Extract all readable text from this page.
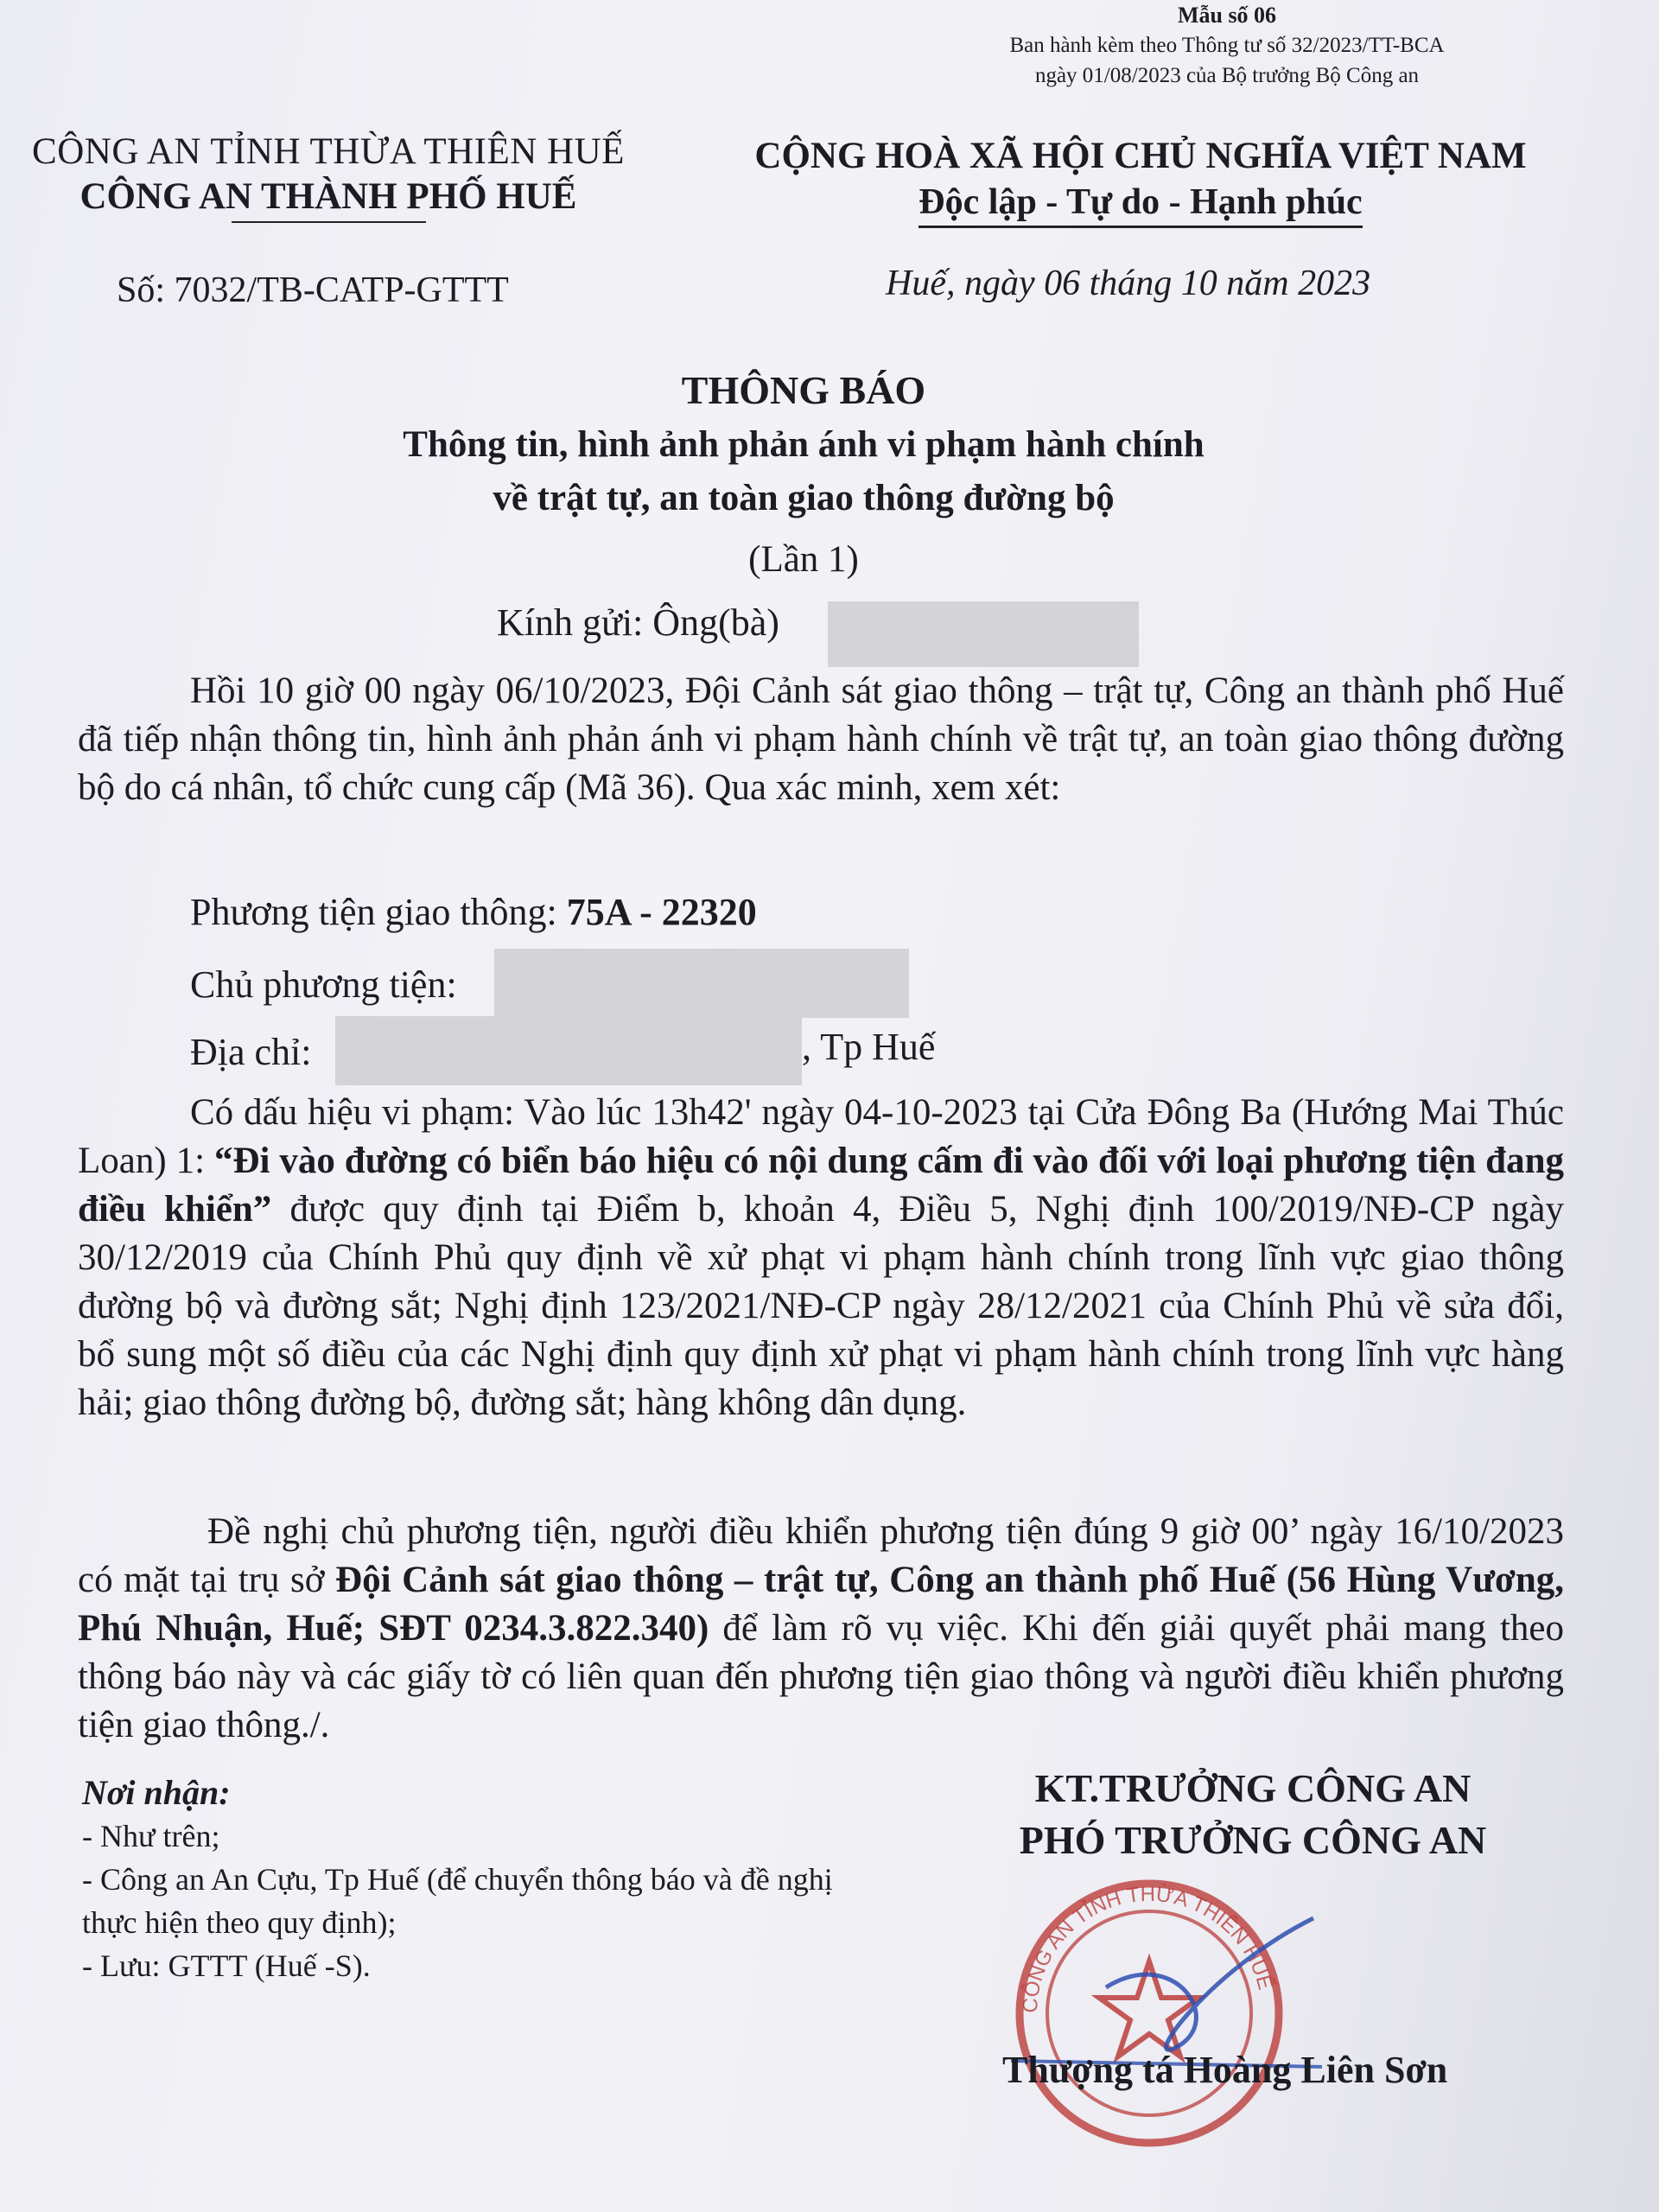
Mẫu số 06
Ban hành kèm theo Thông tư số 32/2023/TT-BCA
ngày 01/08/2023 của Bộ trưởng Bộ Công an
CÔNG AN TỈNH THỪA THIÊN HUẾ
CÔNG AN THÀNH PHỐ HUẾ
CỘNG HOÀ XÃ HỘI CHỦ NGHĨA VIỆT NAM
Độc lập - Tự do - Hạnh phúc
Số: 7032/TB-CATP-GTTT	Huế, ngày 06 tháng 10 năm 2023
THÔNG BÁO
Thông tin, hình ảnh phản ánh vi phạm hành chính
về trật tự, an toàn giao thông đường bộ
(Lần 1)
Kính gửi: Ông(bà)
Hồi 10 giờ 00 ngày 06/10/2023, Đội Cảnh sát giao thông – trật tự, Công an thành phố Huế đã tiếp nhận thông tin, hình ảnh phản ánh vi phạm hành chính về trật tự, an toàn giao thông đường bộ do cá nhân, tổ chức cung cấp (Mã 36). Qua xác minh, xem xét:
Phương tiện giao thông: 75A - 22320
Chủ phương tiện:
Địa chỉ:	, Tp Huế
Có dấu hiệu vi phạm: Vào lúc 13h42' ngày 04-10-2023 tại Cửa Đông Ba (Hướng Mai Thúc Loan) 1: “Đi vào đường có biển báo hiệu có nội dung cấm đi vào đối với loại phương tiện đang điều khiển” được quy định tại Điểm b, khoản 4, Điều 5, Nghị định 100/2019/NĐ-CP ngày 30/12/2019 của Chính Phủ quy định về xử phạt vi phạm hành chính trong lĩnh vực giao thông đường bộ và đường sắt; Nghị định 123/2021/NĐ-CP ngày 28/12/2021 của Chính Phủ về sửa đổi, bổ sung một số điều của các Nghị định quy định xử phạt vi phạm hành chính trong lĩnh vực hàng hải; giao thông đường bộ, đường sắt; hàng không dân dụng.
Đề nghị chủ phương tiện, người điều khiển phương tiện đúng 9 giờ 00’ ngày 16/10/2023 có mặt tại trụ sở Đội Cảnh sát giao thông – trật tự, Công an thành phố Huế (56 Hùng Vương, Phú Nhuận, Huế; SĐT 0234.3.822.340) để làm rõ vụ việc. Khi đến giải quyết phải mang theo thông báo này và các giấy tờ có liên quan đến phương tiện giao thông và người điều khiển phương tiện giao thông./.
Nơi nhận:
- Như trên;
- Công an An Cựu, Tp Huế (để chuyển thông báo và đề nghị thực hiện theo quy định);
- Lưu: GTTT (Huế -S).
CÔNG AN TỈNH THỪA THIÊN HUẾ
KT.TRƯỞNG CÔNG AN
PHÓ TRƯỞNG CÔNG AN
Thượng tá Hoàng Liên Sơn
